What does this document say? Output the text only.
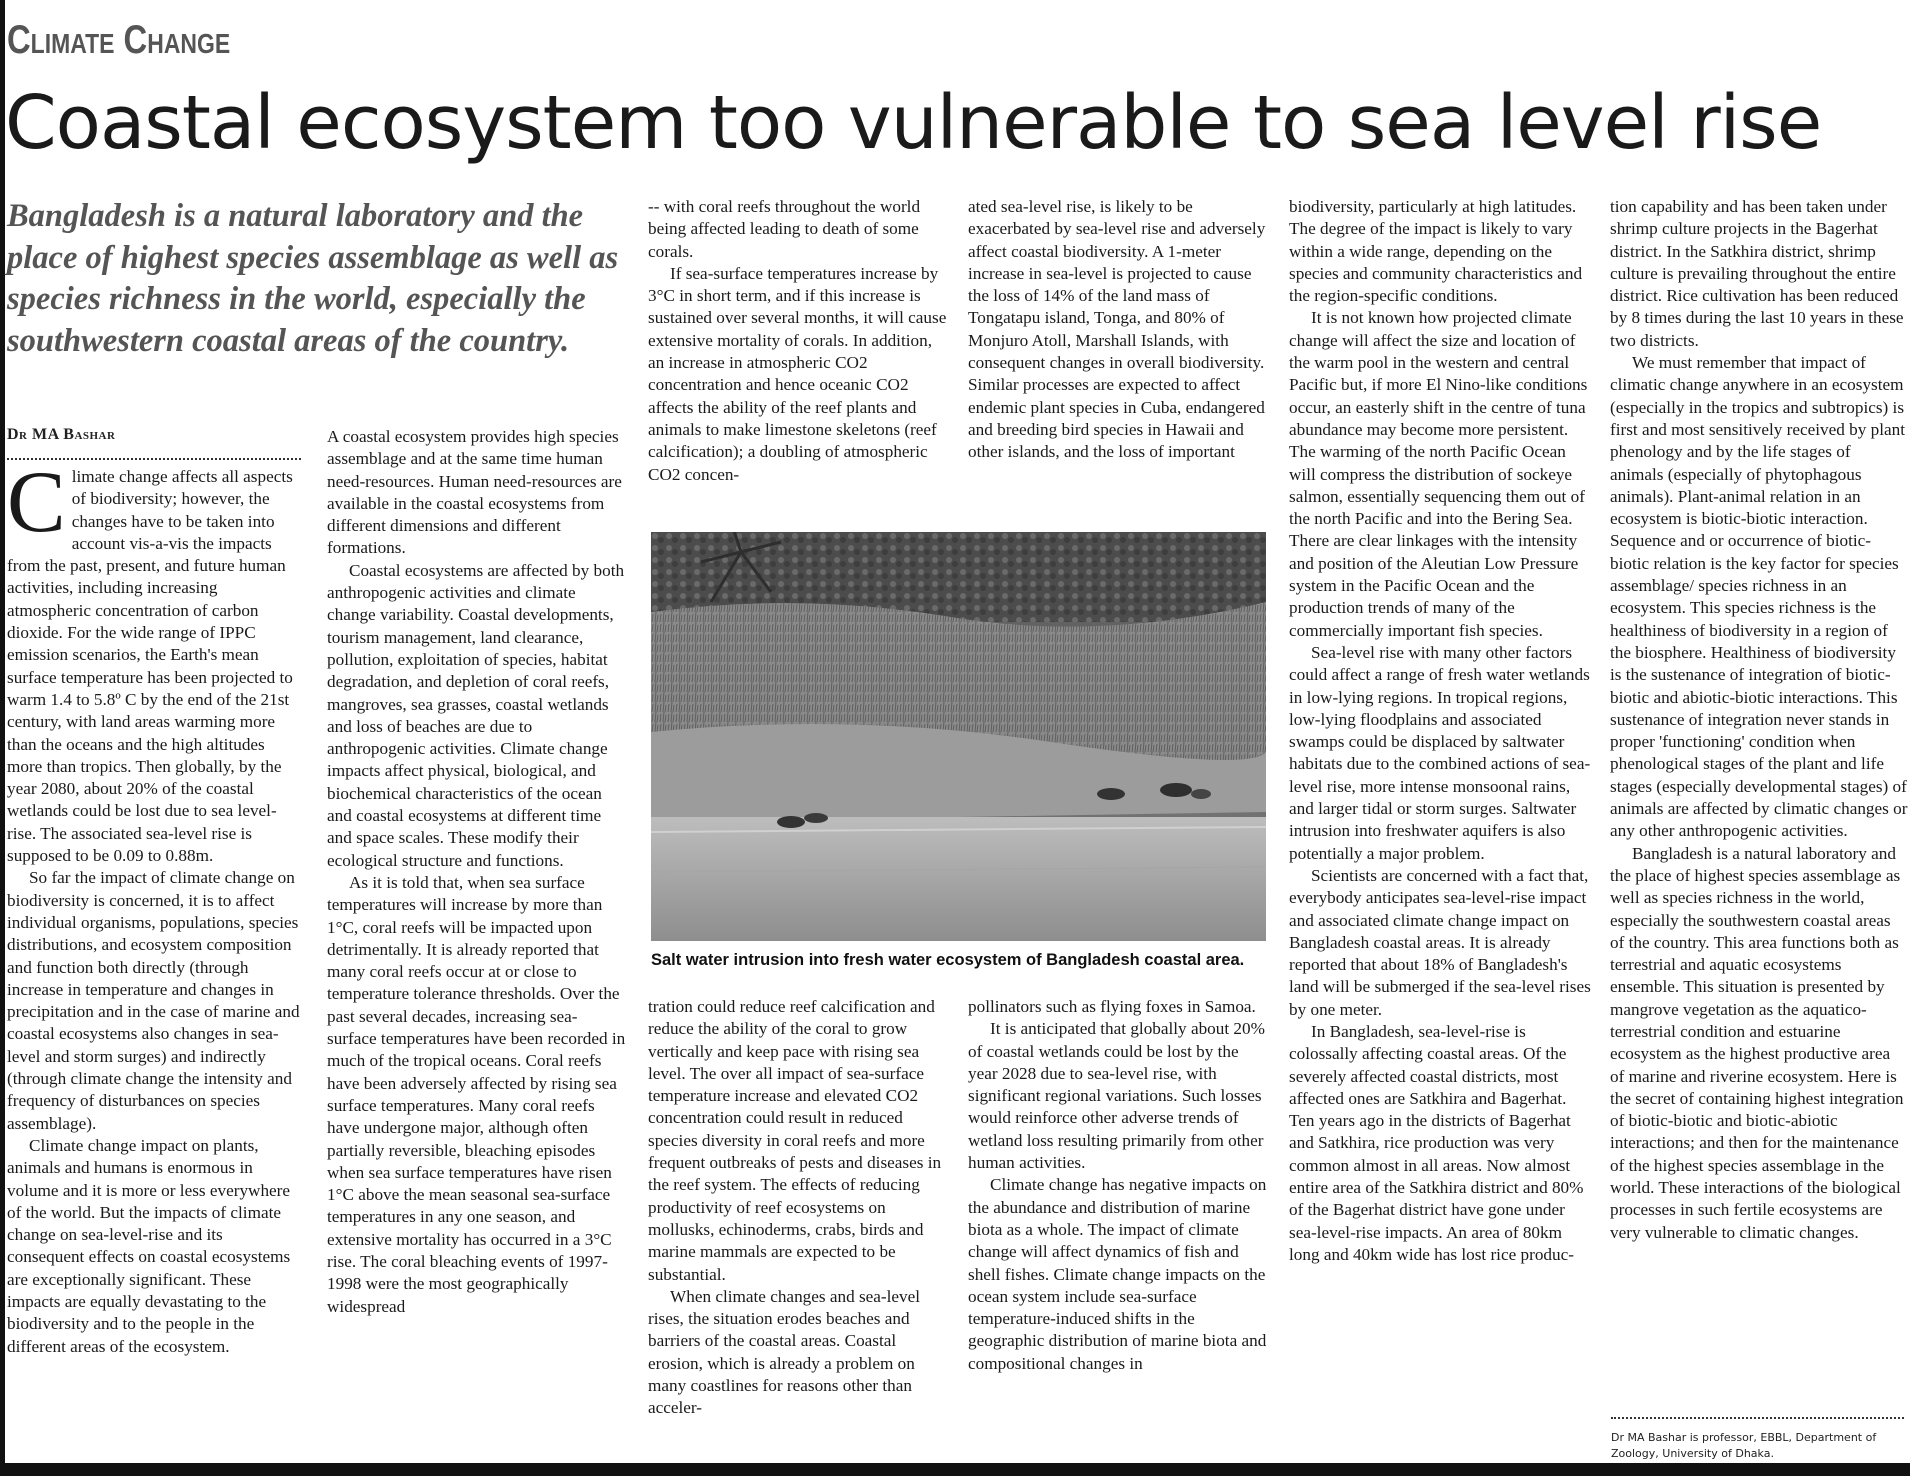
Climate Change
Coastal ecosystem too vulnerable to sea level rise
Bangladesh is a natural laboratory and the place of highest species assemblage as well as species richness in the world, especially the southwestern coastal areas of the country.
Dr MA Bashar

Climate change affects all aspects of biodiversity; however, the changes have to be taken into account vis-a-vis the impacts from the past, present, and future human activities, including increasing atmospheric concentration of carbon dioxide. For the wide range of IPPC emission scenarios, the Earth's mean surface temperature has been projected to warm 1.4 to 5.8º C by the end of the 21st century, with land areas warming more than the oceans and the high altitudes more than tropics. Then globally, by the year 2080, about 20% of the coastal wetlands could be lost due to sea level-rise. The associated sea-level rise is supposed to be 0.09 to 0.88m.

So far the impact of climate change on biodiversity is concerned, it is to affect individual organisms, populations, species distributions, and ecosystem composition and function both directly (through increase in temperature and changes in precipitation and in the case of marine and coastal ecosystems also changes in sea-level and storm surges) and indirectly (through climate change the intensity and frequency of disturbances on species assemblage).

Climate change impact on plants, animals and humans is enormous in volume and it is more or less everywhere of the world. But the impacts of climate change on sea-level-rise and its consequent effects on coastal ecosystems are exceptionally significant. These impacts are equally devastating to the biodiversity and to the people in the different areas of the ecosystem.

A coastal ecosystem provides high species assemblage and at the same time human need-resources. Human need-resources are available in the coastal ecosystems from different dimensions and different formations.

Coastal ecosystems are affected by both anthropogenic activities and climate change variability. Coastal developments, tourism management, land clearance, pollution, exploitation of species, habitat degradation, and depletion of coral reefs, mangroves, sea grasses, coastal wetlands and loss of beaches are due to anthropogenic activities. Climate change impacts affect physical, biological, and biochemical characteristics of the ocean and coastal ecosystems at different time and space scales. These modify their ecological structure and functions.

As it is told that, when sea surface temperatures will increase by more than 1°C, coral reefs will be impacted upon detrimentally. It is already reported that many coral reefs occur at or close to temperature tolerance thresholds. Over the past several decades, increasing sea-surface temperatures have been recorded in much of the tropical oceans. Coral reefs have been adversely affected by rising sea surface temperatures. Many coral reefs have undergone major, although often partially reversible, bleaching episodes when sea surface temperatures have risen 1°C above the mean seasonal sea-surface temperatures in any one season, and extensive mortality has occurred in a 3°C rise. The coral bleaching events of 1997-1998 were the most geographically widespread

-- with coral reefs throughout the world being affected leading to death of some corals.

If sea-surface temperatures increase by 3°C in short term, and if this increase is sustained over several months, it will cause extensive mortality of corals. In addition, an increase in atmospheric CO2 concentration and hence oceanic CO2 affects the ability of the reef plants and animals to make limestone skeletons (reef calcification); a doubling of atmospheric CO2 concen-

ated sea-level rise, is likely to be exacerbated by sea-level rise and adversely affect coastal biodiversity. A 1-meter increase in sea-level is projected to cause the loss of 14% of the land mass of Tongatapu island, Tonga, and 80% of Monjuro Atoll, Marshall Islands, with consequent changes in overall biodiversity. Similar processes are expected to affect endemic plant species in Cuba, endangered and breeding bird species in Hawaii and other islands, and the loss of important

Salt water intrusion into fresh water ecosystem of Bangladesh coastal area.

tration could reduce reef calcification and reduce the ability of the coral to grow vertically and keep pace with rising sea level. The over all impact of sea-surface temperature increase and elevated CO2 concentration could result in reduced species diversity in coral reefs and more frequent outbreaks of pests and diseases in the reef system. The effects of reducing productivity of reef ecosystems on mollusks, echinoderms, crabs, birds and marine mammals are expected to be substantial.

When climate changes and sea-level rises, the situation erodes beaches and barriers of the coastal areas. Coastal erosion, which is already a problem on many coastlines for reasons other than acceler-

pollinators such as flying foxes in Samoa.

It is anticipated that globally about 20% of coastal wetlands could be lost by the year 2028 due to sea-level rise, with significant regional variations. Such losses would reinforce other adverse trends of wetland loss resulting primarily from other human activities.

Climate change has negative impacts on the abundance and distribution of marine biota as a whole. The impact of climate change will affect dynamics of fish and shell fishes. Climate change impacts on the ocean system include sea-surface temperature-induced shifts in the geographic distribution of marine biota and compositional changes in

biodiversity, particularly at high latitudes. The degree of the impact is likely to vary within a wide range, depending on the species and community characteristics and the region-specific conditions.

It is not known how projected climate change will affect the size and location of the warm pool in the western and central Pacific but, if more El Nino-like conditions occur, an easterly shift in the centre of tuna abundance may become more persistent. The warming of the north Pacific Ocean will compress the distribution of sockeye salmon, essentially sequencing them out of the north Pacific and into the Bering Sea. There are clear linkages with the intensity and position of the Aleutian Low Pressure system in the Pacific Ocean and the production trends of many of the commercially important fish species.

Sea-level rise with many other factors could affect a range of fresh water wetlands in low-lying regions. In tropical regions, low-lying floodplains and associated swamps could be displaced by saltwater habitats due to the combined actions of sea-level rise, more intense monsoonal rains, and larger tidal or storm surges. Saltwater intrusion into freshwater aquifers is also potentially a major problem.

Scientists are concerned with a fact that, everybody anticipates sea-level-rise impact and associated climate change impact on Bangladesh coastal areas. It is already reported that about 18% of Bangladesh's land will be submerged if the sea-level rises by one meter.

In Bangladesh, sea-level-rise is colossally affecting coastal areas. Of the severely affected coastal districts, most affected ones are Satkhira and Bagerhat. Ten years ago in the districts of Bagerhat and Satkhira, rice production was very common almost in all areas. Now almost entire area of the Satkhira district and 80% of the Bagerhat district have gone under sea-level-rise impacts. An area of 80km long and 40km wide has lost rice produc-

tion capability and has been taken under shrimp culture projects in the Bagerhat district. In the Satkhira district, shrimp culture is prevailing throughout the entire district. Rice cultivation has been reduced by 8 times during the last 10 years in these two districts.

We must remember that impact of climatic change anywhere in an ecosystem (especially in the tropics and subtropics) is first and most sensitively received by plant phenology and by the life stages of animals (especially of phytophagous animals). Plant-animal relation in an ecosystem is biotic-biotic interaction. Sequence and or occurrence of biotic-biotic relation is the key factor for species assemblage/ species richness in an ecosystem. This species richness is the healthiness of biodiversity in a region of the biosphere. Healthiness of biodiversity is the sustenance of integration of biotic-biotic and abiotic-biotic interactions. This sustenance of integration never stands in proper 'functioning' condition when phenological stages of the plant and life stages (especially developmental stages) of animals are affected by climatic changes or any other anthropogenic activities.

Bangladesh is a natural laboratory and the place of highest species assemblage as well as species richness in the world, especially the southwestern coastal areas of the country. This area functions both as terrestrial and aquatic ecosystems ensemble. This situation is presented by mangrove vegetation as the aquatico-terrestrial condition and estuarine ecosystem as the highest productive area of marine and riverine ecosystem. Here is the secret of containing highest integration of biotic-biotic and biotic-abiotic interactions; and then for the maintenance of the highest species assemblage in the world. These interactions of the biological processes in such fertile ecosystems are very vulnerable to climatic changes.

Dr MA Bashar is professor, EBBL, Department of Zoology, University of Dhaka.
